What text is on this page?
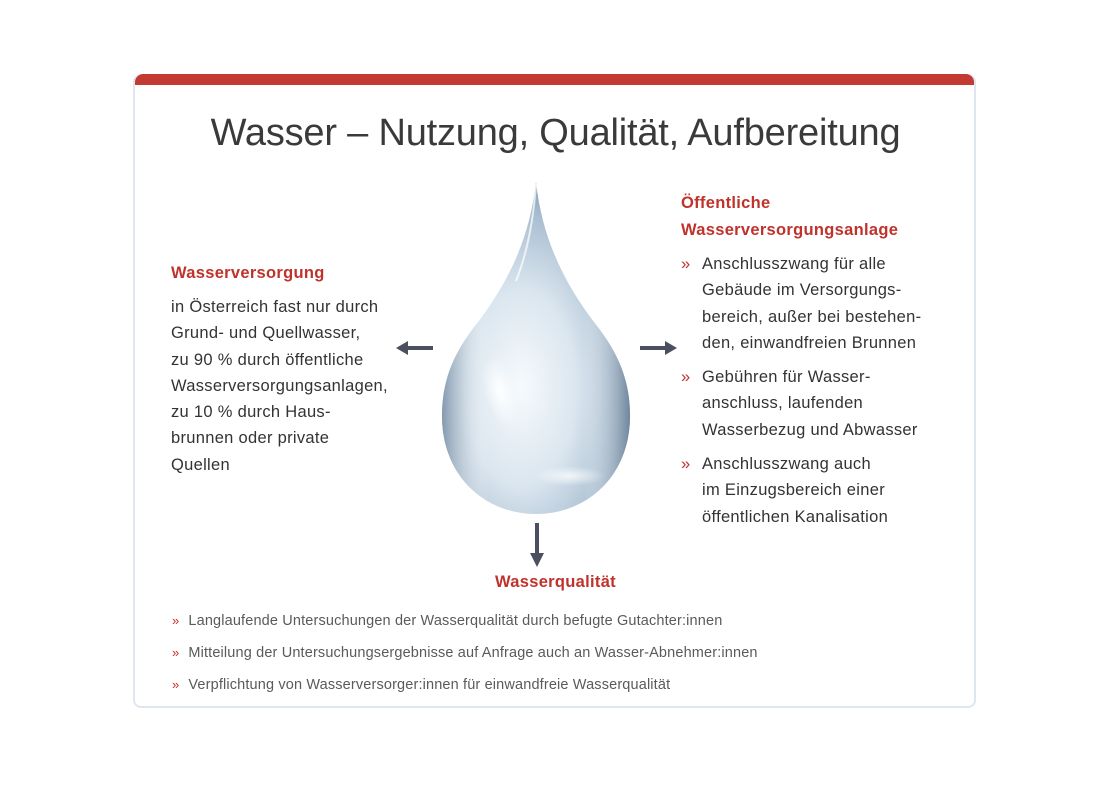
Wasser – Nutzung, Qualität, Aufbereitung
Wasserversorgung
in Österreich fast nur durch
Grund- und Quellwasser,
zu 90 % durch öffentliche
Wasserversorgungsanlagen,
zu 10 % durch Haus-
brunnen oder private
Quellen
Öffentliche
Wasserversorgungsanlage
» Anschlusszwang für alle
Gebäude im Versorgungs-
bereich, außer bei bestehen-
den, einwandfreien Brunnen
» Gebühren für Wasser-
anschluss, laufenden
Wasserbezug und Abwasser
» Anschlusszwang auch
im Einzugsbereich einer
öffentlichen Kanalisation
Wasserqualität
» Langlaufende Untersuchungen der Wasserqualität durch befugte Gutachter:innen
» Mitteilung der Untersuchungsergebnisse auf Anfrage auch an Wasser-Abnehmer:innen
» Verpflichtung von Wasserversorger:innen für einwandfreie Wasserqualität
